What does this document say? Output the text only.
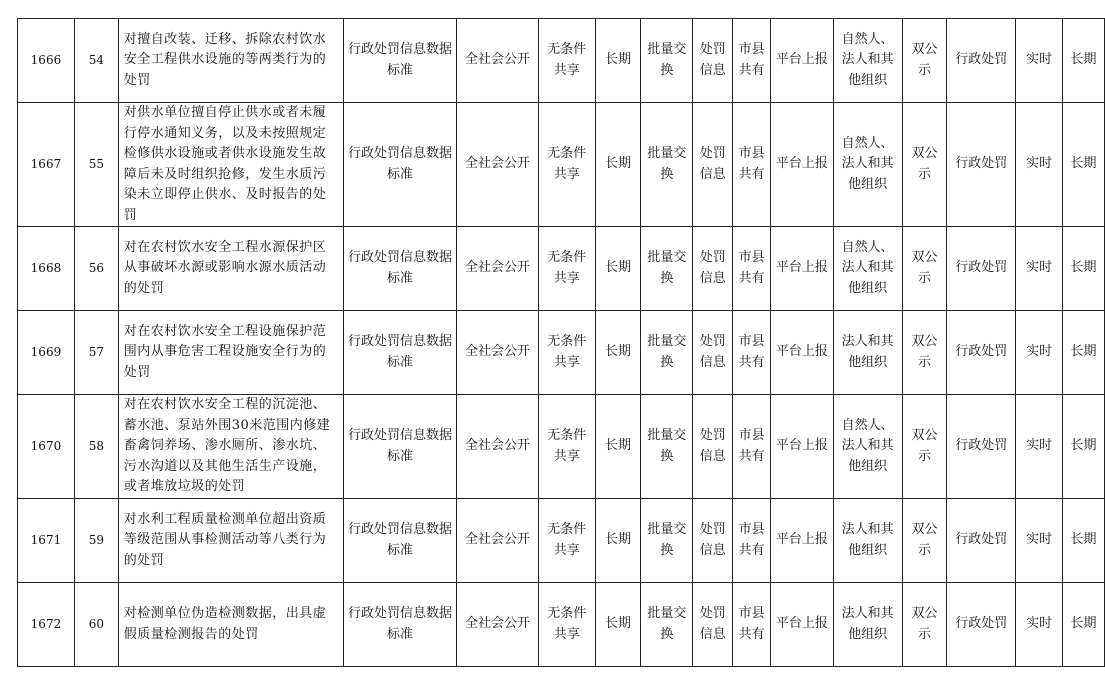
1666	54	对擅自改装、迁移、拆除农村饮水安全工程供水设施的等两类行为的处罚	行政处罚信息数据标准	全社会公开	无条件共享	长期	批量交换	处罚信息	市县共有	平台上报	自然人、法人和其他组织	双公示	行政处罚	实时	长期
1667	55	对供水单位擅自停止供水或者未履行停水通知义务，以及未按照规定检修供水设施或者供水设施发生故障后未及时组织抢修，发生水质污染未立即停止供水、及时报告的处罚	行政处罚信息数据标准	全社会公开	无条件共享	长期	批量交换	处罚信息	市县共有	平台上报	自然人、法人和其他组织	双公示	行政处罚	实时	长期
1668	56	对在农村饮水安全工程水源保护区从事破坏水源或影响水源水质活动的处罚	行政处罚信息数据标准	全社会公开	无条件共享	长期	批量交换	处罚信息	市县共有	平台上报	自然人、法人和其他组织	双公示	行政处罚	实时	长期
1669	57	对在农村饮水安全工程设施保护范围内从事危害工程设施安全行为的处罚	行政处罚信息数据标准	全社会公开	无条件共享	长期	批量交换	处罚信息	市县共有	平台上报	法人和其他组织	双公示	行政处罚	实时	长期
1670	58	对在农村饮水安全工程的沉淀池、蓄水池、泵站外围30米范围内修建畜禽饲养场、渗水厕所、渗水坑、污水沟道以及其他生活生产设施，或者堆放垃圾的处罚	行政处罚信息数据标准	全社会公开	无条件共享	长期	批量交换	处罚信息	市县共有	平台上报	自然人、法人和其他组织	双公示	行政处罚	实时	长期
1671	59	对水利工程质量检测单位超出资质等级范围从事检测活动等八类行为的处罚	行政处罚信息数据标准	全社会公开	无条件共享	长期	批量交换	处罚信息	市县共有	平台上报	法人和其他组织	双公示	行政处罚	实时	长期
1672	60	对检测单位伪造检测数据，出具虚假质量检测报告的处罚	行政处罚信息数据标准	全社会公开	无条件共享	长期	批量交换	处罚信息	市县共有	平台上报	法人和其他组织	双公示	行政处罚	实时	长期
